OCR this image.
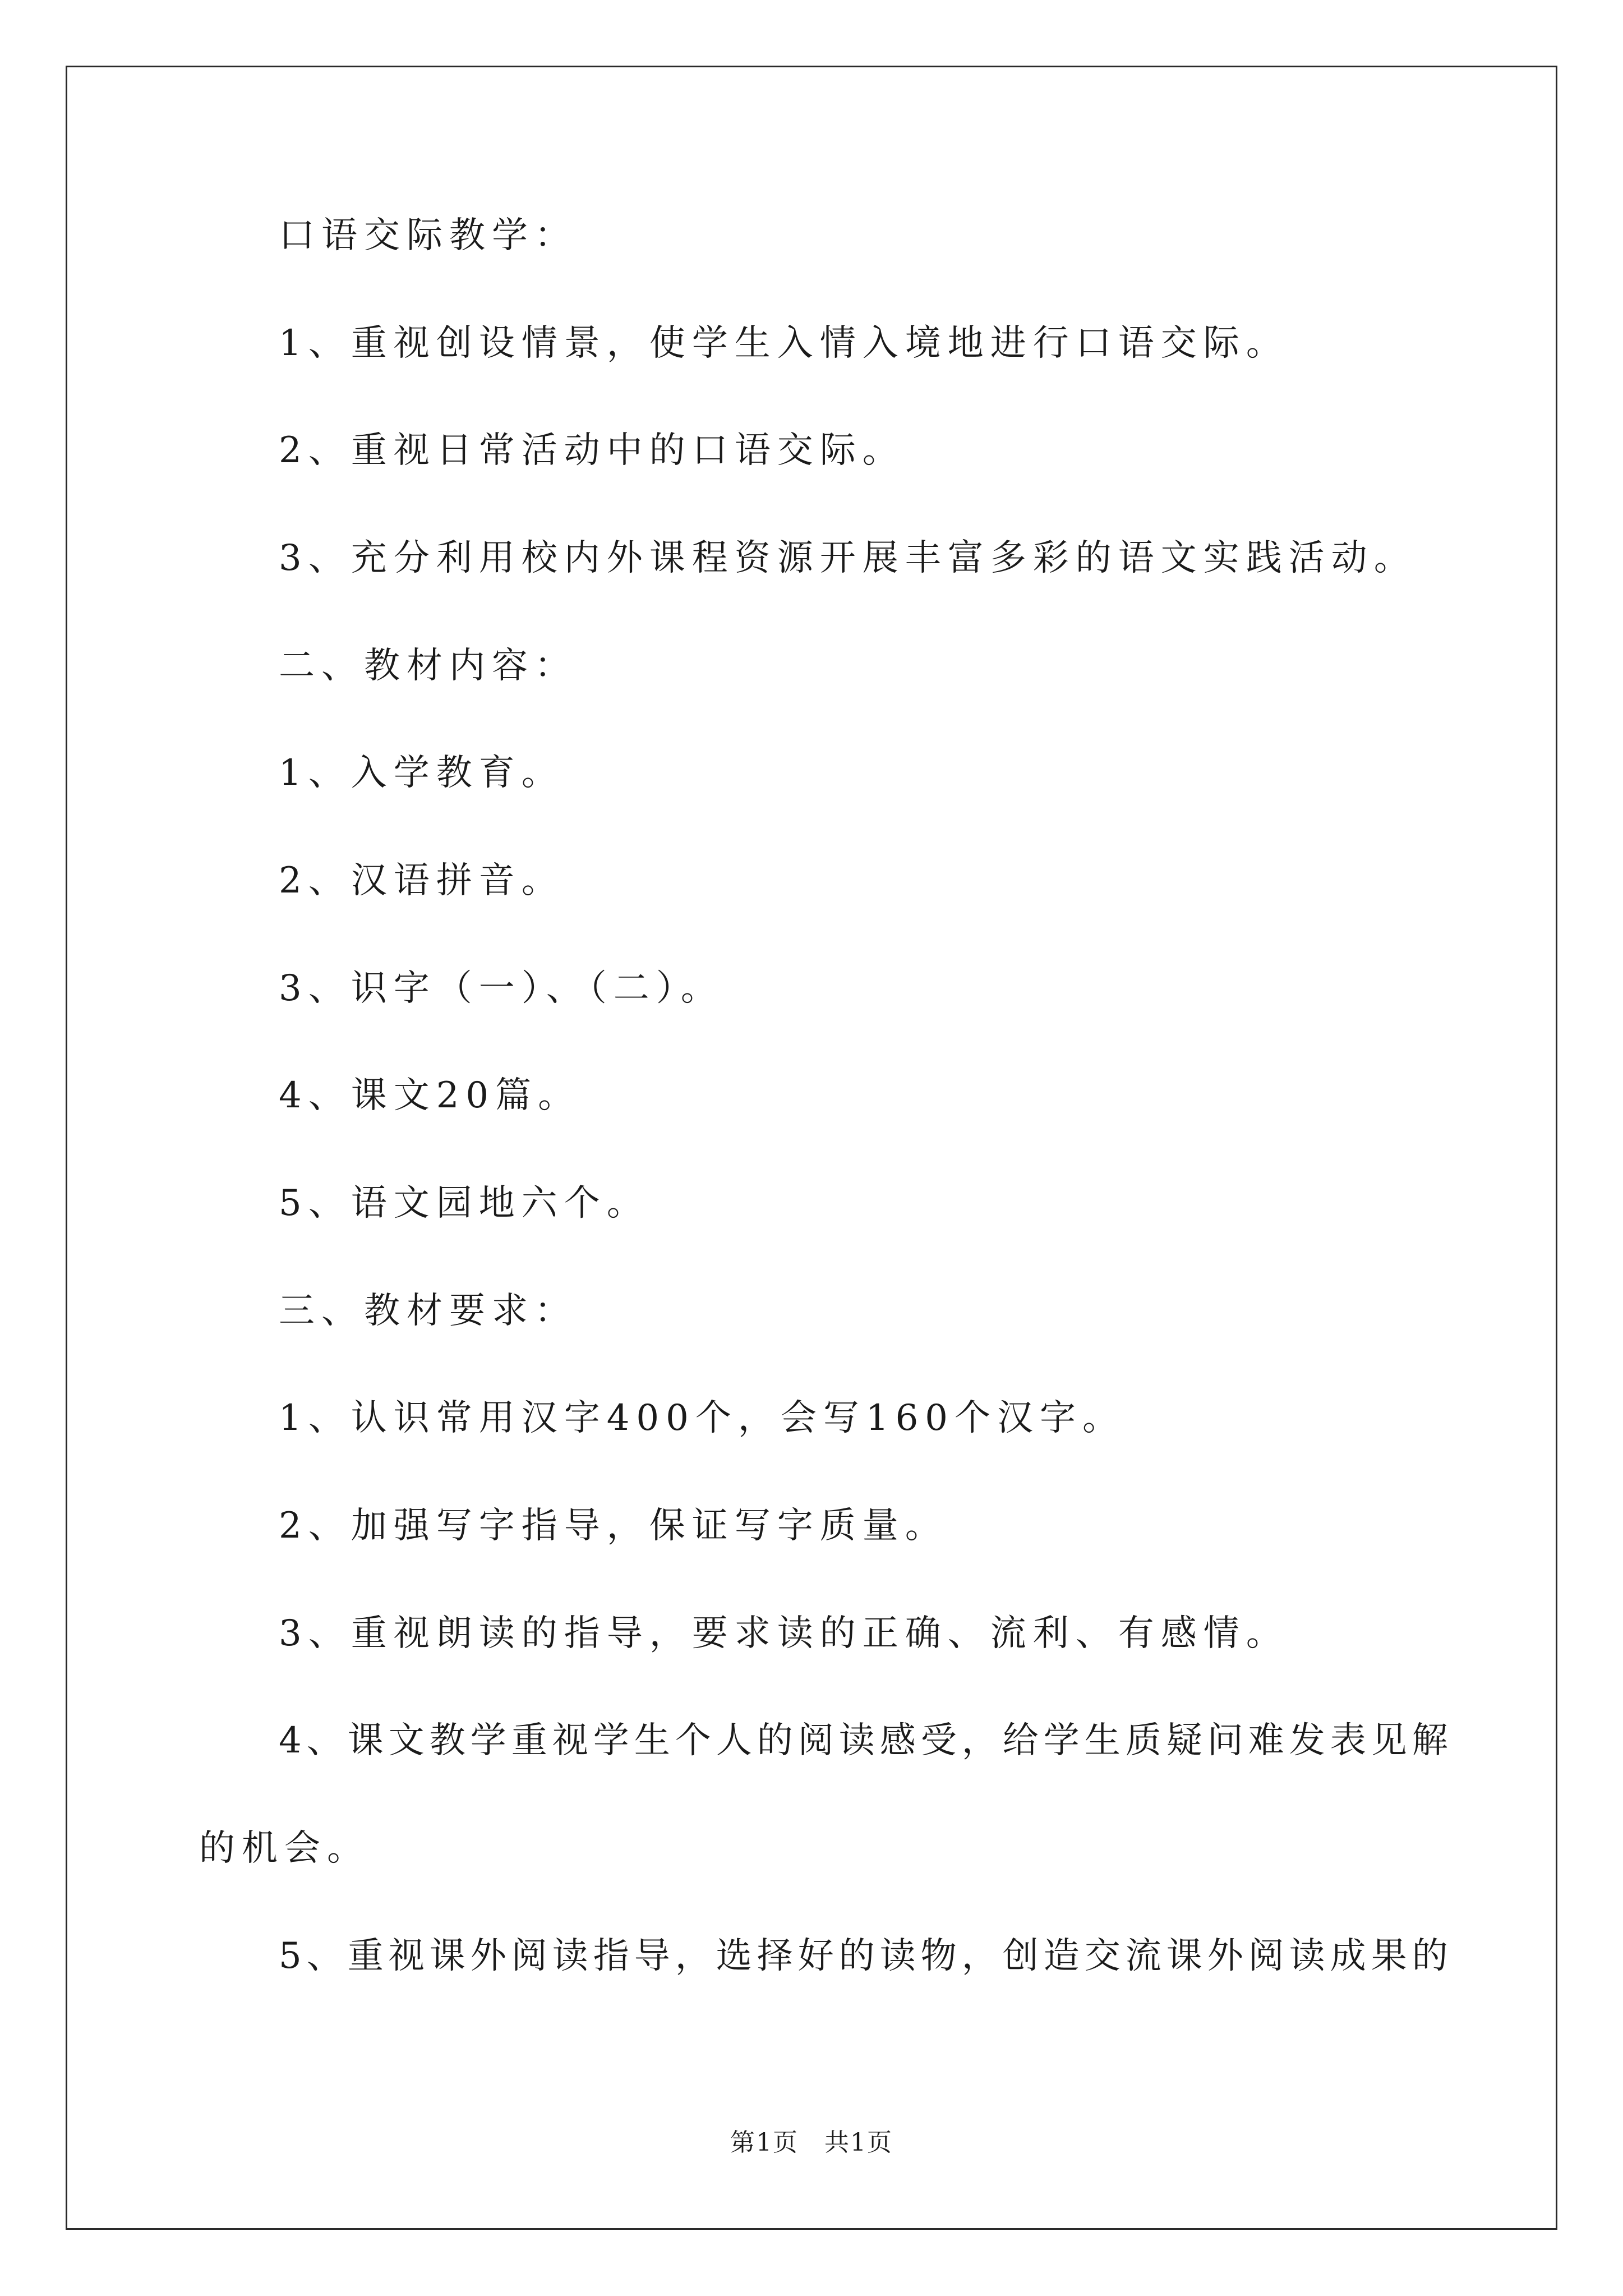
口语交际教学：
1、重视创设情景，使学生入情入境地进行口语交际。
2、重视日常活动中的口语交际。
3、充分利用校内外课程资源开展丰富多彩的语文实践活动。
二、教材内容：
1、入学教育。
2、汉语拼音。
3、识字（一）、（二）。
4、课文20篇。
5、语文园地六个。
三、教材要求：
1、认识常用汉字400个，会写160个汉字。
2、加强写字指导，保证写字质量。
3、重视朗读的指导，要求读的正确、流利、有感情。
4、课文教学重视学生个人的阅读感受，给学生质疑问难发表见解
的机会。
5、重视课外阅读指导，选择好的读物，创造交流课外阅读成果的
第1页　共1页
